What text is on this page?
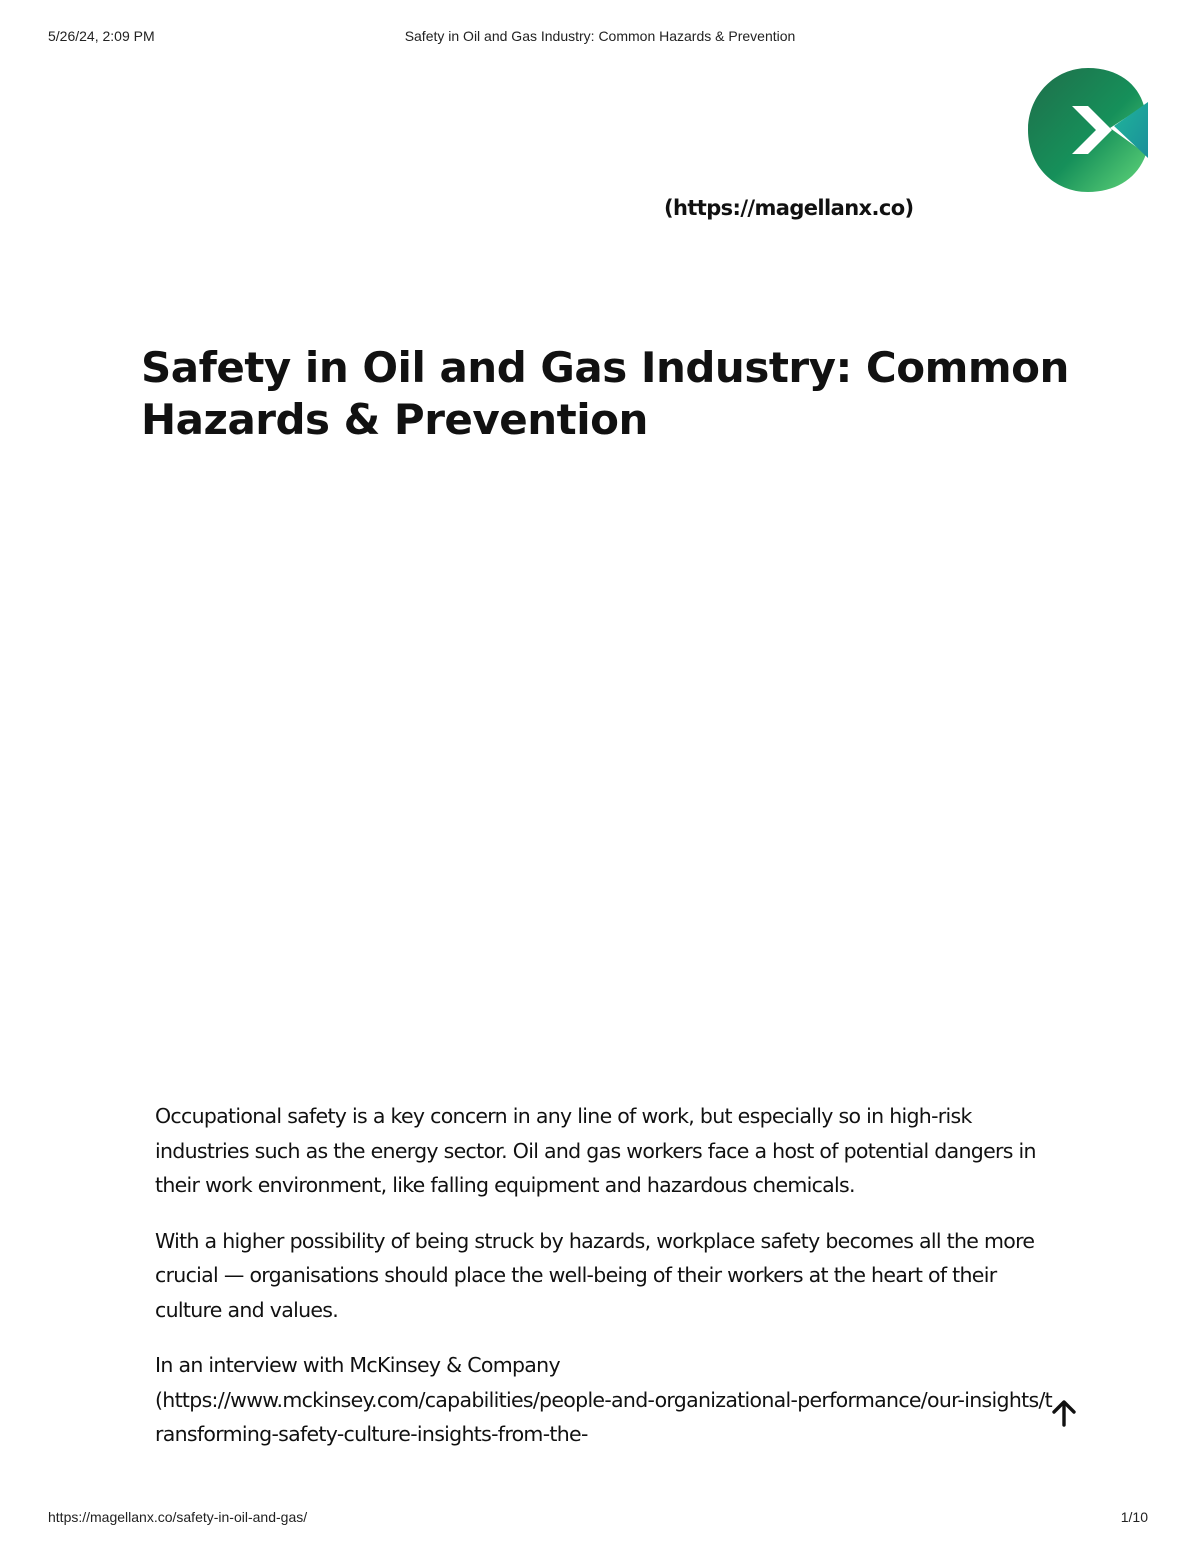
5/26/24, 2:09 PM	Safety in Oil and Gas Industry: Common Hazards & Prevention
(https://magellanx.co)
Safety in Oil and Gas Industry: Common Hazards & Prevention

Occupational safety is a key concern in any line of work, but especially so in high-risk industries such as the energy sector. Oil and gas workers face a host of potential dangers in their work environment, like falling equipment and hazardous chemicals.

With a higher possibility of being struck by hazards, workplace safety becomes all the more crucial — organisations should place the well-being of their workers at the heart of their culture and values.

In an interview with McKinsey & Company
(https://www.mckinsey.com/capabilities/people-and-organizational-performance/our-insights/transforming-safety-culture-insights-from-the-

https://magellanx.co/safety-in-oil-and-gas/	1/10
